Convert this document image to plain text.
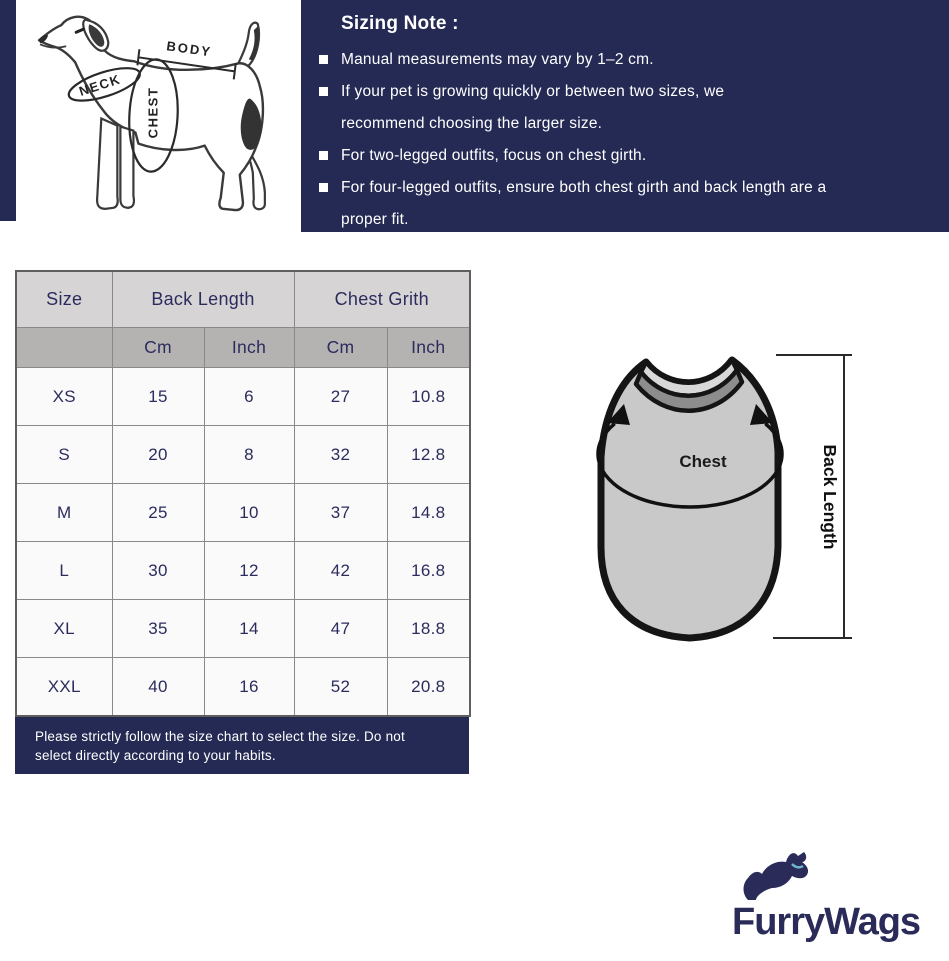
NECK
BODY
CHEST
Sizing Note :
Manual measurements may vary by 1–2 cm.
If your pet is growing quickly or between two sizes, we
recommend choosing the larger size.
For two-legged outfits, focus on chest girth.
For four-legged outfits, ensure both chest girth and back length are a
proper fit.
Size	Back Length		Chest Grith	
	Cm	Inch	Cm	Inch
XS	15	6	27	10.8
S	20	8	32	12.8
M	25	10	37	14.8
L	30	12	42	16.8
XL	35	14	47	18.8
XXL	40	16	52	20.8
Please strictly follow the size chart to select the size. Do not
select directly according to your habits.
Chest	Back Length
FurryWags
